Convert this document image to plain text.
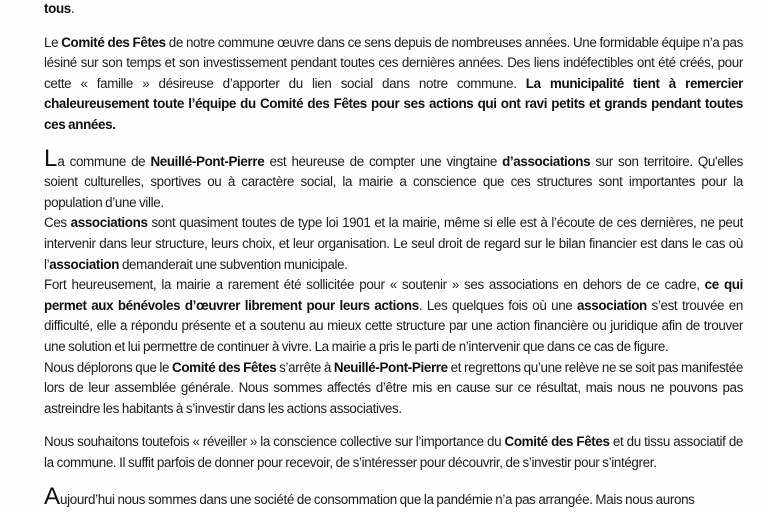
tous.

Le Comité des Fêtes de notre commune œuvre dans ce sens depuis de nombreuses années. Une formidable équipe n’a pas lésiné sur son temps et son investissement pendant toutes ces dernières années. Des liens indéfectibles ont été créés, pour cette « famille » désireuse d’apporter du lien social dans notre commune. La municipalité tient à remercier chaleureusement toute l’équipe du Comité des Fêtes pour ses actions qui ont ravi petits et grands pendant toutes ces années.

La commune de Neuillé-Pont-Pierre est heureuse de compter une vingtaine d’associations sur son territoire. Qu'elles soient culturelles, sportives ou à caractère social, la mairie a conscience que ces structures sont importantes pour la population d’une ville.

Ces associations sont quasiment toutes de type loi 1901 et la mairie, même si elle est à l’écoute de ces dernières, ne peut intervenir dans leur structure, leurs choix, et leur organisation. Le seul droit de regard sur le bilan financier est dans le cas où l’association demanderait une subvention municipale.

Fort heureusement, la mairie a rarement été sollicitée pour « soutenir » ses associations en dehors de ce cadre, ce qui permet aux bénévoles d’œuvrer librement pour leurs actions. Les quelques fois où une association s’est trouvée en difficulté, elle a répondu présente et a soutenu au mieux cette structure par une action financière ou juridique afin de trouver une solution et lui permettre de continuer à vivre. La mairie a pris le parti de n’intervenir que dans ce cas de figure.

Nous déplorons que le Comité des Fêtes s’arrête à Neuillé-Pont-Pierre et regrettons qu’une relève ne se soit pas manifestée lors de leur assemblée générale. Nous sommes affectés d’être mis en cause sur ce résultat, mais nous ne pouvons pas astreindre les habitants à s’investir dans les actions associatives.

Nous souhaitons toutefois « réveiller » la conscience collective sur l’importance du Comité des Fêtes et du tissu associatif de la commune. Il suffit parfois de donner pour recevoir, de s’intéresser pour découvrir, de s’investir pour s’intégrer.

Aujourd’hui nous sommes dans une société de consommation que la pandémie n’a pas arrangée. Mais nous aurons
